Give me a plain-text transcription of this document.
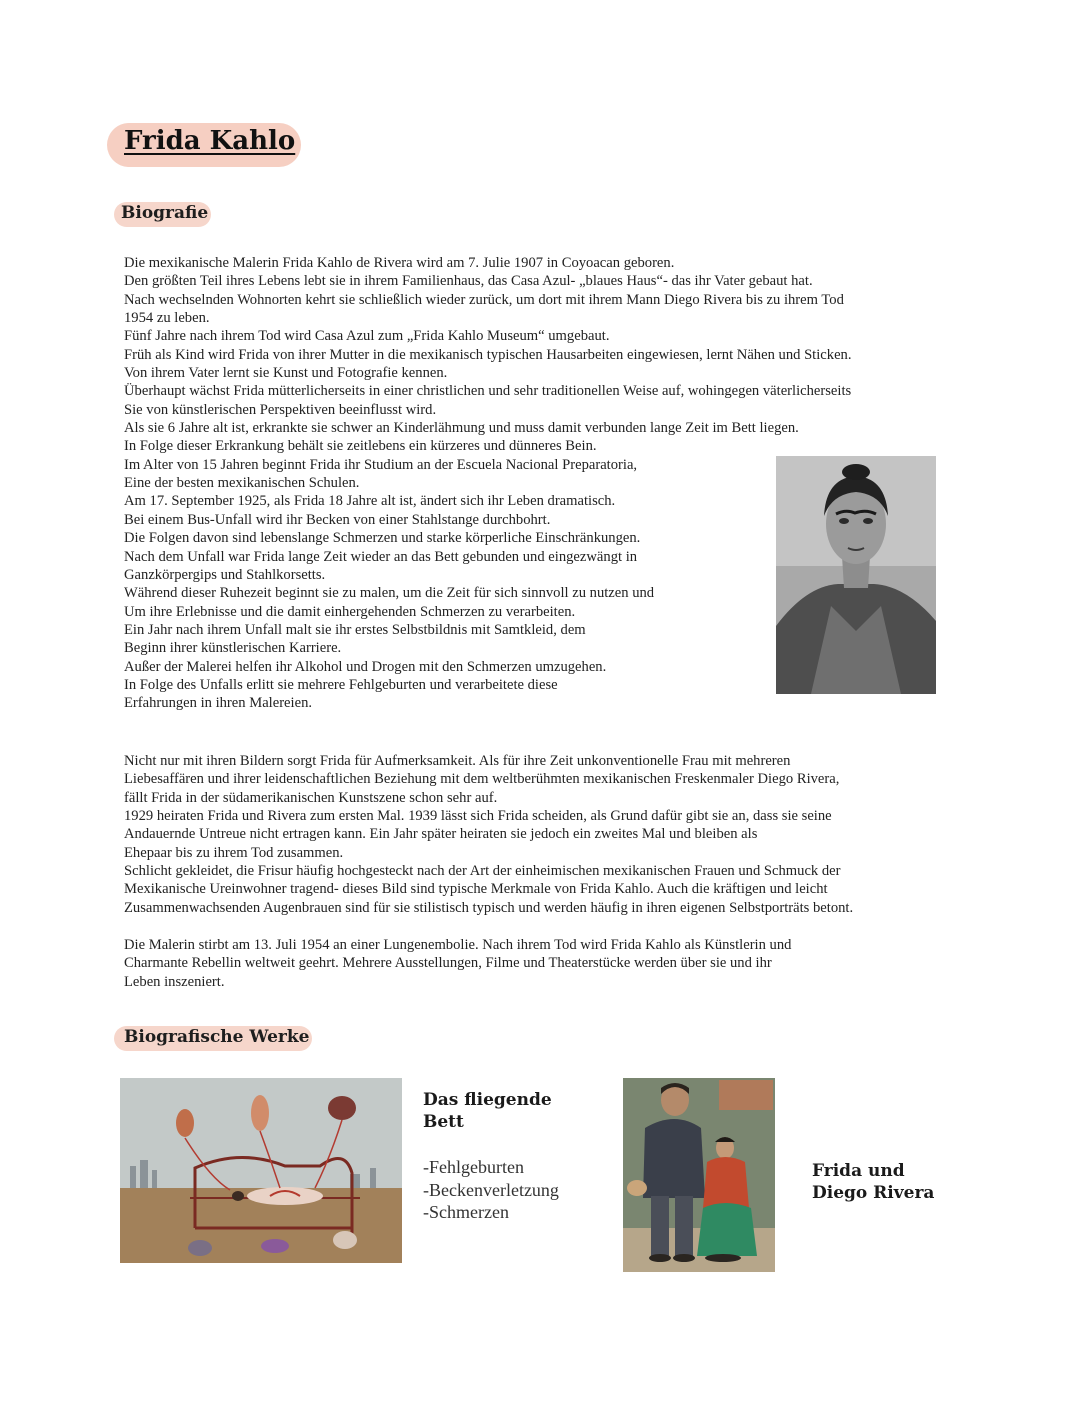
Frida Kahlo
Biografie
Die mexikanische Malerin Frida Kahlo de Rivera wird am 7. Julie 1907 in Coyoacan geboren.
Den größten Teil ihres Lebens lebt sie in ihrem Familienhaus, das Casa Azul- „blaues Haus“- das ihr Vater gebaut hat.
Nach wechselnden Wohnorten kehrt sie schließlich wieder zurück, um dort mit ihrem Mann Diego Rivera bis zu ihrem Tod
1954 zu leben.
Fünf Jahre nach ihrem Tod wird Casa Azul zum „Frida Kahlo Museum“ umgebaut.
Früh als Kind wird Frida von ihrer Mutter in die mexikanisch typischen Hausarbeiten eingewiesen, lernt Nähen und Sticken.
Von ihrem Vater lernt sie Kunst und Fotografie kennen.
Überhaupt wächst Frida mütterlicherseits in einer christlichen und sehr traditionellen Weise auf, wohingegen väterlicherseits
Sie von künstlerischen Perspektiven beeinflusst wird.
Als sie 6 Jahre alt ist, erkrankte sie schwer an Kinderlähmung und muss damit verbunden lange Zeit im Bett liegen.
In Folge dieser Erkrankung behält sie zeitlebens ein kürzeres und dünneres Bein.
Im Alter von 15 Jahren beginnt Frida ihr Studium an der Escuela Nacional Preparatoria,
Eine der besten mexikanischen Schulen.
Am 17. September 1925, als Frida 18 Jahre alt ist, ändert sich ihr Leben dramatisch.
Bei einem Bus-Unfall wird ihr Becken von einer Stahlstange durchbohrt.
Die Folgen davon sind lebenslange Schmerzen und starke körperliche Einschränkungen.
Nach dem Unfall war Frida lange Zeit wieder an das Bett gebunden und eingezwängt in
Ganzkörpergips und Stahlkorsetts.
Während dieser Ruhezeit beginnt sie zu malen, um die Zeit für sich sinnvoll zu nutzen und
Um ihre Erlebnisse und die damit einhergehenden Schmerzen zu verarbeiten.
Ein Jahr nach ihrem Unfall malt sie ihr erstes Selbstbildnis mit Samtkleid, dem
Beginn ihrer künstlerischen Karriere.
Außer der Malerei helfen ihr Alkohol und Drogen mit den Schmerzen umzugehen.
In Folge des Unfalls erlitt sie mehrere Fehlgeburten und verarbeitete diese
Erfahrungen in ihren Malereien.
Nicht nur mit ihren Bildern sorgt Frida für Aufmerksamkeit. Als für ihre Zeit unkonventionelle Frau mit mehreren
Liebesaffären und ihrer leidenschaftlichen Beziehung mit dem weltberühmten mexikanischen Freskenmaler Diego Rivera,
fällt Frida in der südamerikanischen Kunstszene schon sehr auf.
1929 heiraten Frida und Rivera zum ersten Mal. 1939 lässt sich Frida scheiden, als Grund dafür gibt sie an, dass sie seine
Andauernde Untreue nicht ertragen kann. Ein Jahr später heiraten sie jedoch ein zweites Mal und bleiben als
Ehepaar bis zu ihrem Tod zusammen.
Schlicht gekleidet, die Frisur häufig hochgesteckt nach der Art der einheimischen mexikanischen Frauen und Schmuck der
Mexikanische Ureinwohner tragend- dieses Bild sind typische Merkmale von Frida Kahlo. Auch die kräftigen und leicht
Zusammenwachsenden Augenbrauen sind für sie stilistisch typisch und werden häufig in ihren eigenen Selbstporträts betont.
Die Malerin stirbt am 13. Juli 1954 an einer Lungenembolie. Nach ihrem Tod wird Frida Kahlo als Künstlerin und
Charmante Rebellin weltweit geehrt. Mehrere Ausstellungen, Filme und Theaterstücke werden über sie und ihr
Leben inszeniert.
Biografische Werke
Das fliegende
Bett
-Fehlgeburten
-Beckenverletzung
-Schmerzen
Frida und
Diego Rivera
